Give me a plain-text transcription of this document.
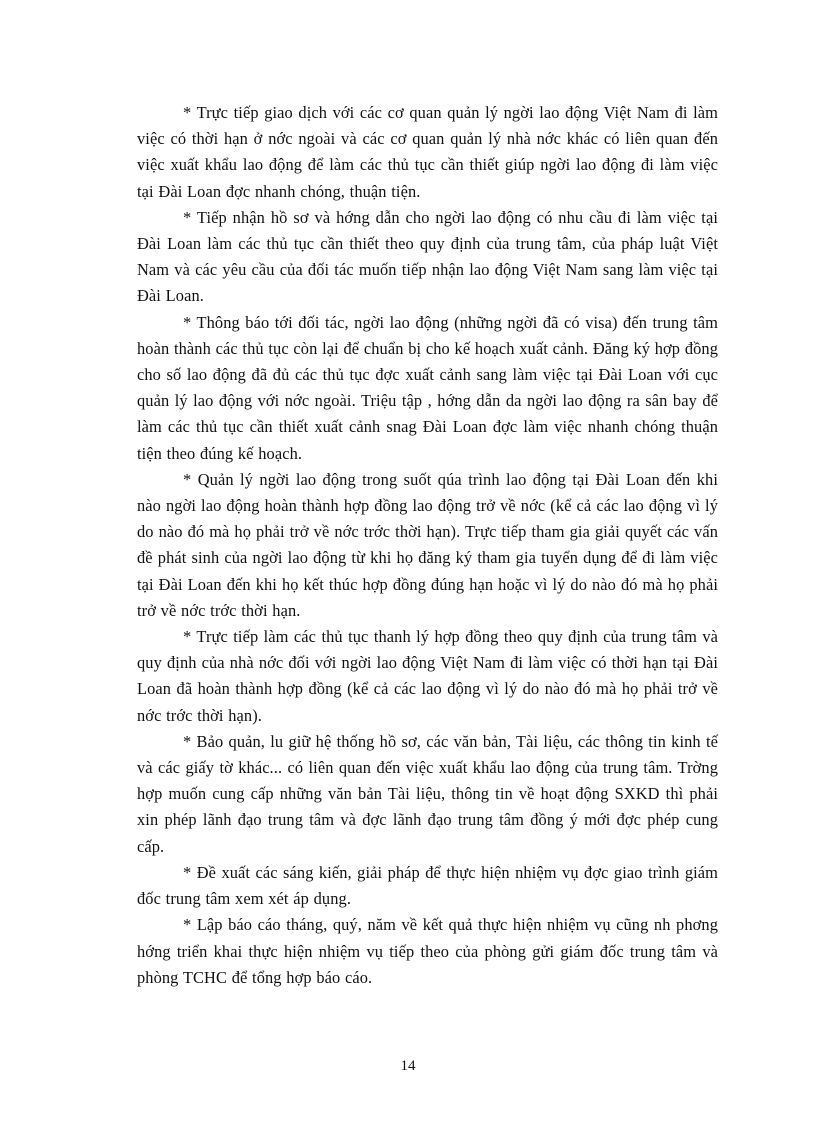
* Trực tiếp giao dịch với các cơ quan quản lý ngời lao động Việt Nam đi làm việc có thời hạn ở nớc ngoài và các cơ quan quản lý nhà nớc khác có liên quan đến việc xuất khẩu lao động để làm các thủ tục cần thiết giúp ngời lao động đi làm việc tại Đài Loan đợc nhanh chóng, thuận tiện.

* Tiếp nhận hồ sơ và hớng dẫn cho ngời lao động có nhu cầu đi làm việc tại Đài Loan làm các thủ tục cần thiết theo quy định của trung tâm, của pháp luật Việt Nam và các yêu cầu của đối tác muốn tiếp nhận lao động Việt Nam sang làm việc tại Đài Loan.

* Thông báo tới đối tác, ngời lao động (những ngời đã có visa) đến trung tâm hoàn thành các thủ tục còn lại để chuẩn bị cho kế hoạch xuất cảnh. Đăng ký hợp đồng cho số lao động đã đủ các thủ tục đợc xuất cảnh sang làm việc tại Đài Loan với cục quản lý lao động với nớc ngoài. Triệu tập , hớng dẫn da ngời lao động ra sân bay để làm các thủ tục cần thiết xuất cảnh snag Đài Loan đợc làm việc nhanh chóng thuận tiện theo đúng kế hoạch.

* Quản lý ngời lao động trong suốt qúa trình lao động tại Đài Loan đến khi nào ngời lao động hoàn thành hợp đồng lao động trở về nớc (kể cả các lao động vì lý do nào đó mà họ phải trở về nớc trớc thời hạn). Trực tiếp tham gia giải quyết các vấn đề phát sinh của ngời lao động từ khi họ đăng ký tham gia tuyển dụng để đi làm việc tại Đài Loan đến khi họ kết thúc hợp đồng đúng hạn hoặc vì lý do nào đó mà họ phải trở về nớc trớc thời hạn.

* Trực tiếp làm các thủ tục thanh lý hợp đồng theo quy định của trung tâm và quy định của nhà nớc đối với ngời lao động Việt Nam đi làm việc có thời hạn tại Đài Loan đã hoàn thành hợp đồng (kể cả các lao động vì lý do nào đó mà họ phải trở về nớc trớc thời hạn).

* Bảo quản, lu giữ hệ thống hồ sơ, các văn bản, Tài liệu, các thông tin kinh tế và các giấy tờ khác... có liên quan đến việc xuất khẩu lao động của trung tâm. Trờng hợp muốn cung cấp những văn bản Tài liệu, thông tin về hoạt động SXKD thì phải xin phép lãnh đạo trung tâm và đợc lãnh đạo trung tâm đồng ý mới đợc phép cung cấp.

* Đề xuất các sáng kiến, giải pháp để thực hiện nhiệm vụ đợc giao trình giám đốc trung tâm xem xét áp dụng.

* Lập báo cáo tháng, quý, năm về kết quả thực hiện nhiệm vụ cũng nh phơng hớng triển khai thực hiện nhiệm vụ tiếp theo của phòng gửi giám đốc trung tâm và phòng TCHC để tổng hợp báo cáo.

14
